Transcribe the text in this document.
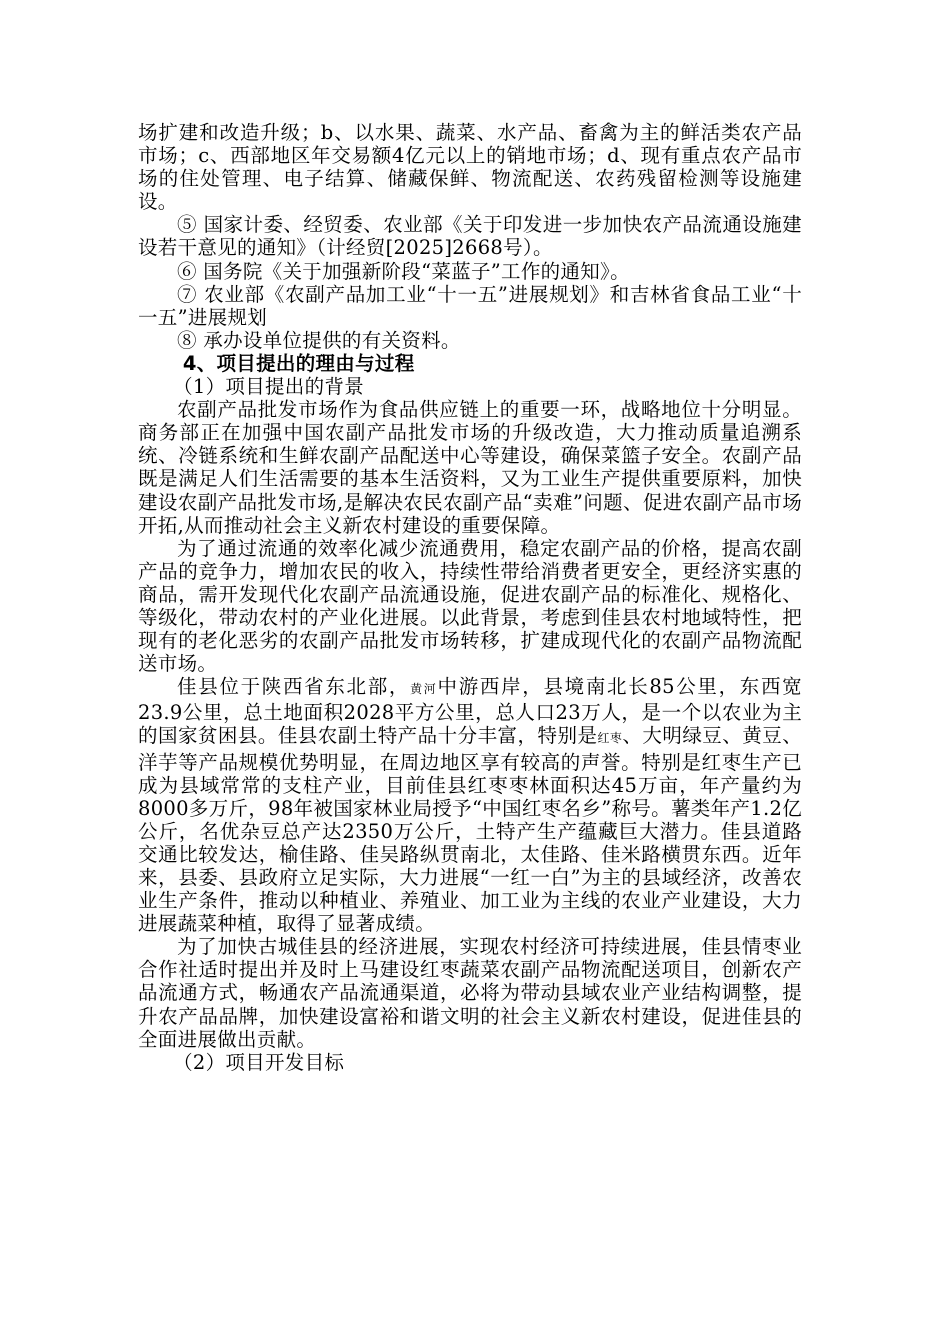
场扩建和改造升级；b、以水果、蔬菜、水产品、畜禽为主的鲜活类农产品市场；c、西部地区年交易额4亿元以上的销地市场；d、现有重点农产品市场的住处管理、电子结算、储藏保鲜、物流配送、农药残留检测等设施建设。

⑤ 国家计委、经贸委、农业部《关于印发进一步加快农产品流通设施建设若干意见的通知》（计经贸[2025]2668号）。

⑥ 国务院《关于加强新阶段“菜蓝子”工作的通知》。

⑦ 农业部《农副产品加工业“十一五”进展规划》和吉林省食品工业“十一五”进展规划

⑧ 承办设单位提供的有关资料。

4、项目提出的理由与过程

（1）项目提出的背景

农副产品批发市场作为食品供应链上的重要一环，战略地位十分明显。商务部正在加强中国农副产品批发市场的升级改造，大力推动质量追溯系统、冷链系统和生鲜农副产品配送中心等建设，确保菜篮子安全。农副产品既是满足人们生活需要的基本生活资料，又为工业生产提供重要原料，加快建设农副产品批发市场,是解决农民农副产品“卖难”问题、促进农副产品市场开拓,从而推动社会主义新农村建设的重要保障。

为了通过流通的效率化减少流通费用，稳定农副产品的价格，提高农副产品的竞争力，增加农民的收入，持续性带给消费者更安全，更经济实惠的商品，需开发现代化农副产品流通设施，促进农副产品的标准化、规格化、等级化，带动农村的产业化进展。以此背景，考虑到佳县农村地域特性，把现有的老化恶劣的农副产品批发市场转移，扩建成现代化的农副产品物流配送市场。

佳县位于陕西省东北部，黄河中游西岸，县境南北长85公里，东西宽23.9公里，总土地面积2028平方公里，总人口23万人，是一个以农业为主的国家贫困县。佳县农副土特产品十分丰富，特别是红枣、大明绿豆、黄豆、洋芋等产品规模优势明显，在周边地区享有较高的声誉。特别是红枣生产已成为县域常常的支柱产业，目前佳县红枣枣林面积达45万亩，年产量约为8000多万斤，98年被国家林业局授予“中国红枣名乡”称号。薯类年产1.2亿公斤，名优杂豆总产达2350万公斤，土特产生产蕴藏巨大潜力。佳县道路交通比较发达，榆佳路、佳吴路纵贯南北，太佳路、佳米路横贯东西。近年来，县委、县政府立足实际，大力进展“一红一白”为主的县域经济，改善农业生产条件，推动以种植业、养殖业、加工业为主线的农业产业建设，大力进展蔬菜种植，取得了显著成绩。

为了加快古城佳县的经济进展，实现农村经济可持续进展，佳县情枣业合作社适时提出并及时上马建设红枣蔬菜农副产品物流配送项目，创新农产品流通方式，畅通农产品流通渠道，必将为带动县域农业产业结构调整，提升农产品品牌，加快建设富裕和谐文明的社会主义新农村建设，促进佳县的全面进展做出贡献。

（2）项目开发目标
